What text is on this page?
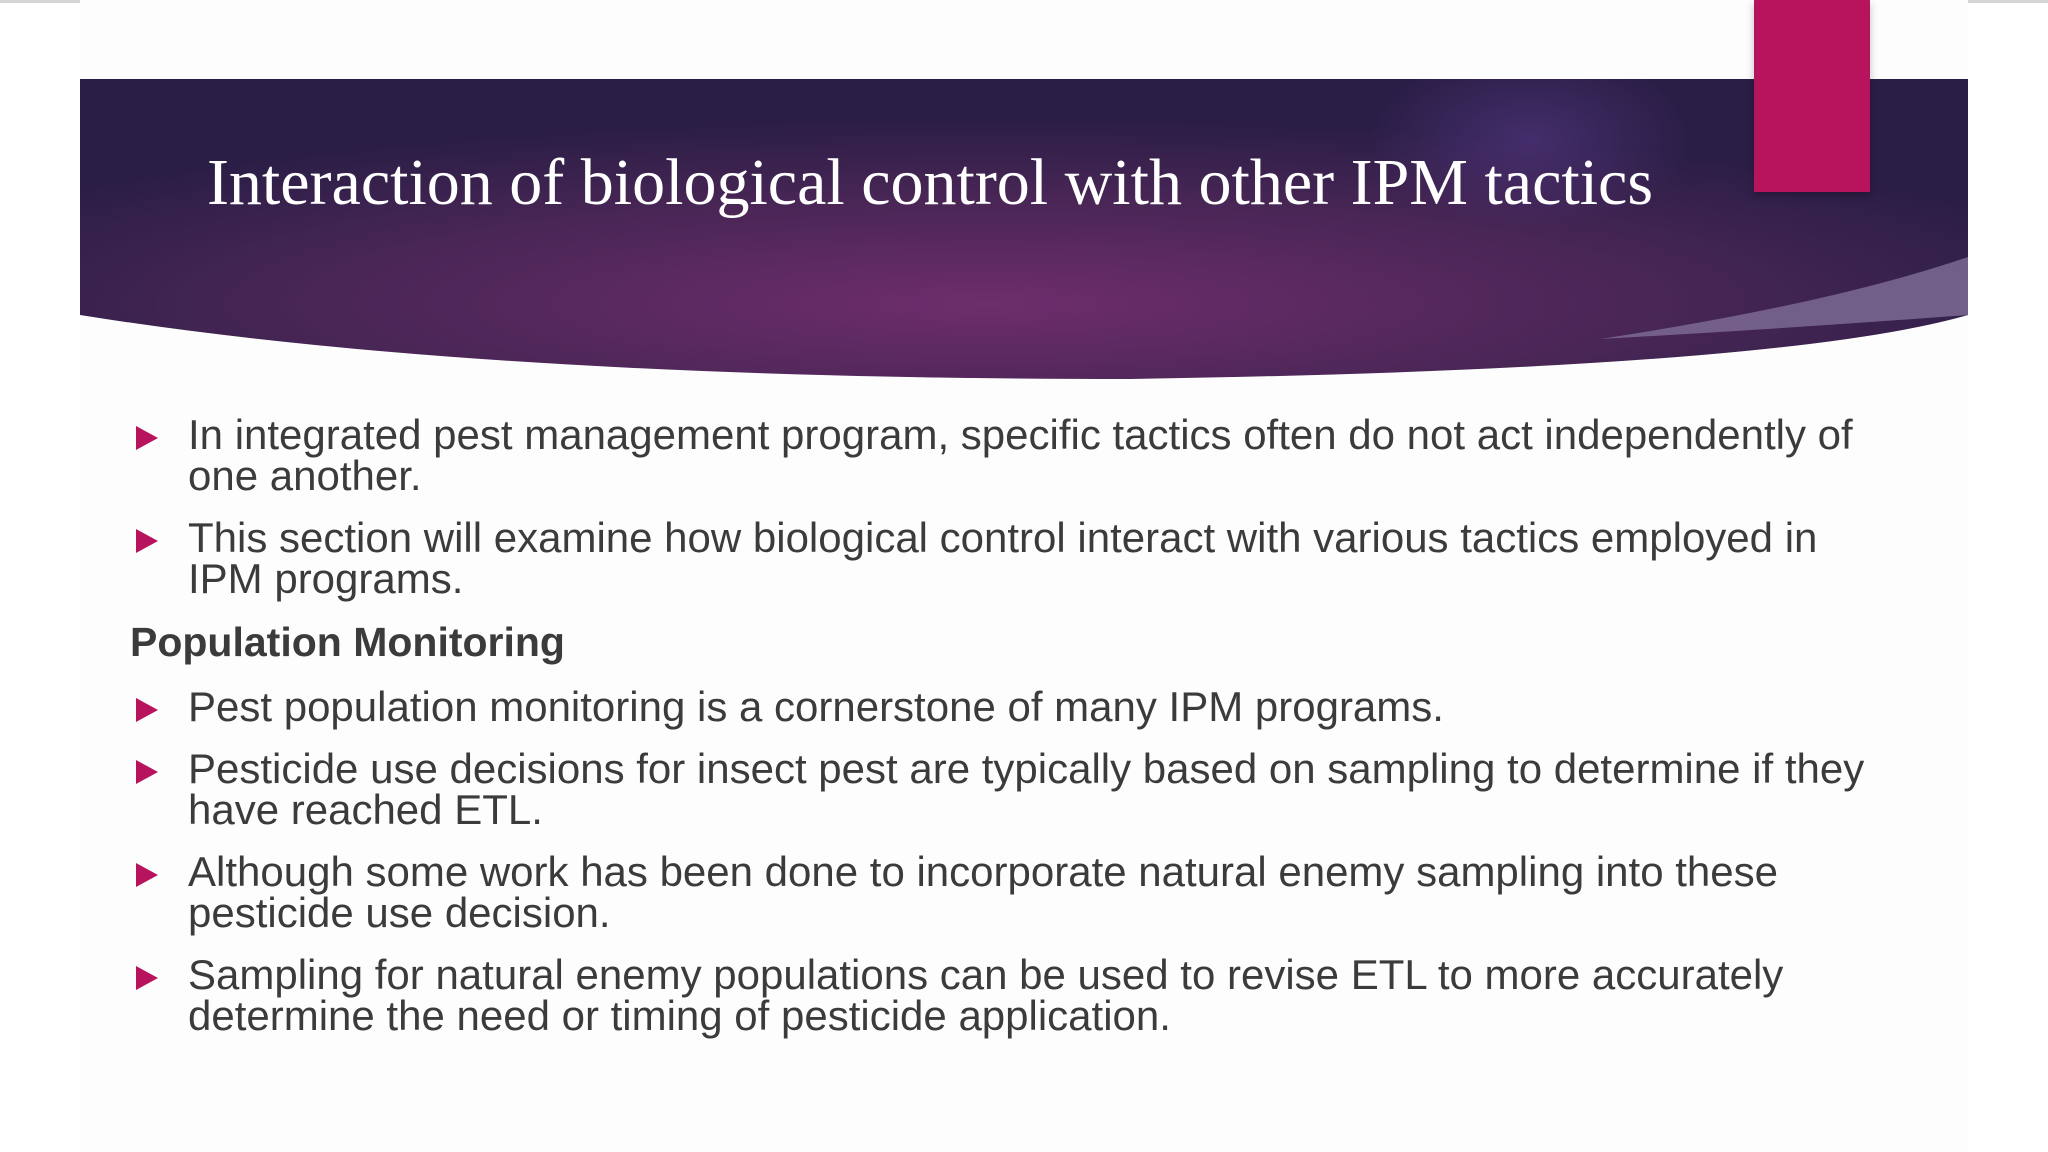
Interaction of biological control with other IPM tactics
In integrated pest management program, specific tactics often do not act independently of one another.
This section will examine how biological control interact with various tactics employed in IPM programs.
Population Monitoring
Pest population monitoring is a cornerstone of many IPM programs.
Pesticide use decisions for insect pest are typically based on sampling to determine if they have reached ETL.
Although some work has been done to incorporate natural enemy sampling into these pesticide use decision.
Sampling for natural enemy populations can be used to revise ETL to more accurately determine the need or timing of pesticide application.
